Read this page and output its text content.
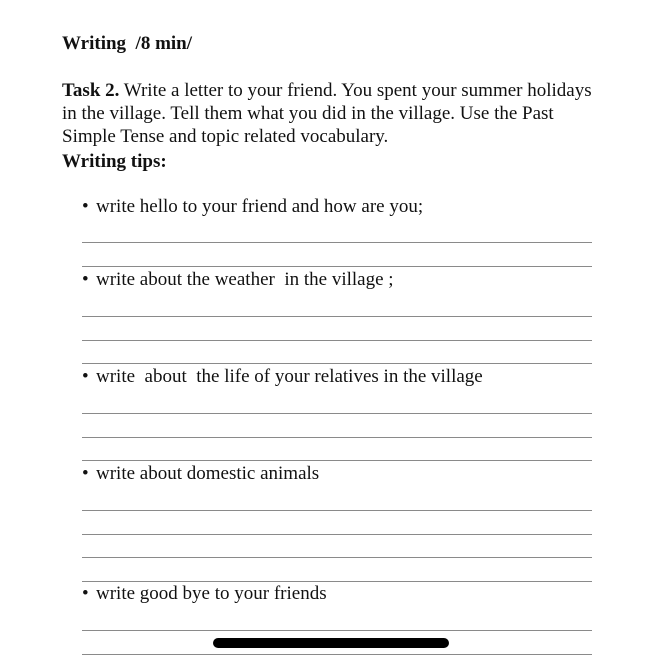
Writing  /8 min/
Task 2. Write a letter to your friend. You spent your summer holidays in the village. Tell them what you did in the village. Use the Past Simple Tense and topic related vocabulary.
Writing tips:
• write hello to your friend and how are you;
• write about the weather  in the village ;
• write  about  the life of your relatives in the village
• write about domestic animals
• write good bye to your friends
